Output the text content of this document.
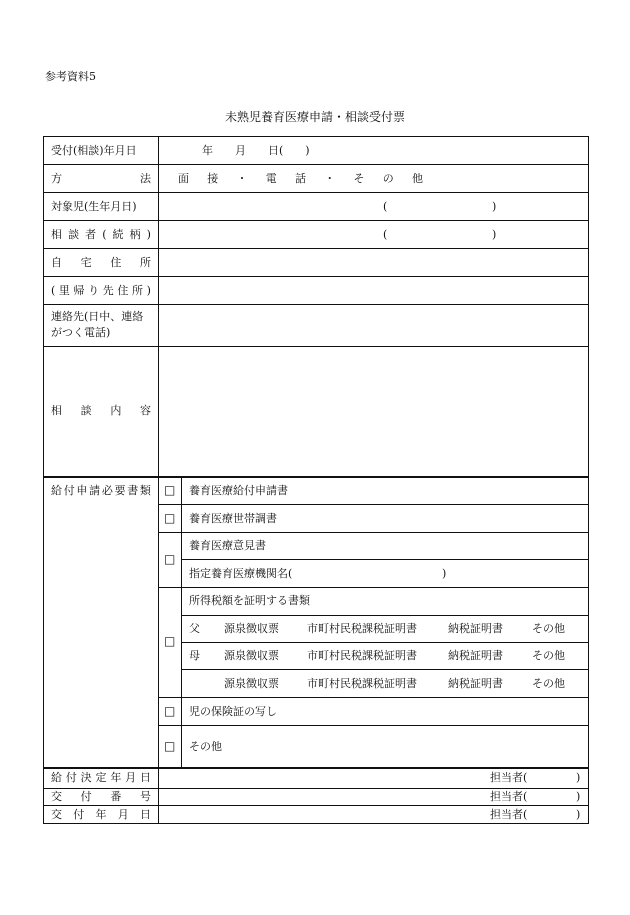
参考資料5
未熟児養育医療申請・相談受付票
受付(相談)年月日	年　　月　　日(　　)
方	法 面 接 ・ 電 話 ・ そ の 他
対象児(生年月日)	(	)
相 談 者 ( 続 柄 )	(	)
自 宅 住 所
( 里 帰 り 先 住 所 )
連絡先(日中、連絡
がつく電話)
相 談 内 容
給 付 申 請 必 要 書 類 □ 養育医療給付申請書
□ 養育医療世帯調書
□
養育医療意見書
指定養育医療機関名(	)
□
所得税額を証明する書類
父 源泉徴収票	市町村民税課税証明書	納税証明書	その他
母 源泉徴収票	市町村民税課税証明書	納税証明書	その他
源泉徴収票	市町村民税課税証明書	納税証明書	その他
□ 児の保険証の写し
□ その他
給 付 決 定 年 月 日	担当者(	)
交 付 番 号	担当者(	)
交 付 年 月 日	担当者(	)
